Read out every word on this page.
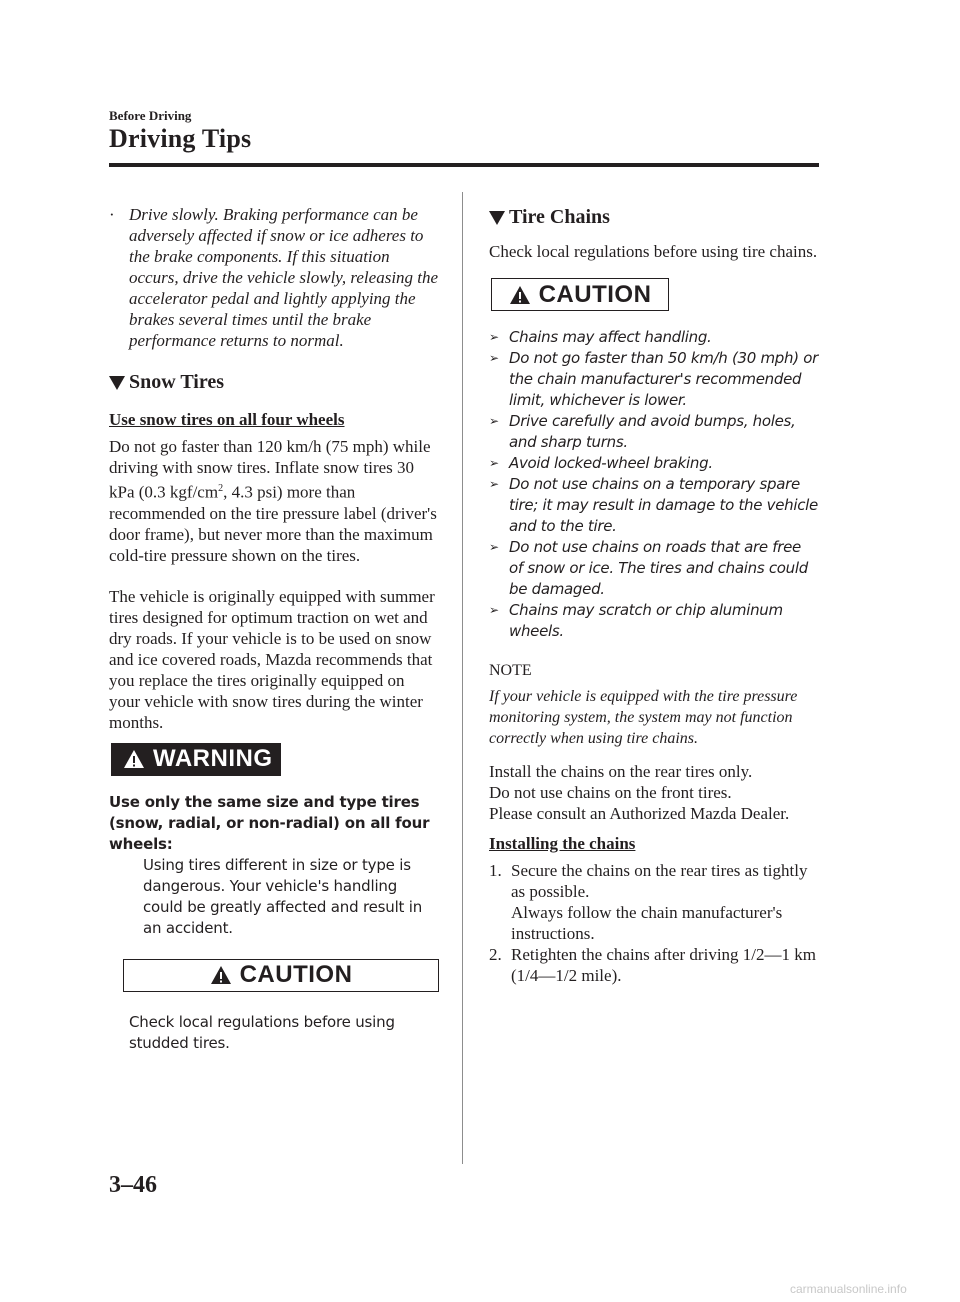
Before Driving
Driving Tips
· Drive slowly. Braking performance can be adversely affected if snow or ice adheres to the brake components. If this situation occurs, drive the vehicle slowly, releasing the accelerator pedal and lightly applying the brakes several times until the brake performance returns to normal.
Snow Tires
Use snow tires on all four wheels
Do not go faster than 120 km/h (75 mph) while driving with snow tires. Inflate snow tires 30 kPa (0.3 kgf/$cm^2$, 4.3 psi) more than recommended on the tire pressure label (driver's door frame), but never more than the maximum cold-tire pressure shown on the tires.
The vehicle is originally equipped with summer tires designed for optimum traction on wet and dry roads. If your vehicle is to be used on snow and ice covered roads, Mazda recommends that you replace the tires originally equipped on your vehicle with snow tires during the winter months.
WARNING
Use only the same size and type tires (snow, radial, or non-radial) on all four wheels:
Using tires different in size or type is dangerous. Your vehicle's handling could be greatly affected and result in an accident.
CAUTION
Check local regulations before using studded tires.
Tire Chains
Check local regulations before using tire chains.
CAUTION
➢ Chains may affect handling.
➢ Do not go faster than 50 km/h (30 mph) or the chain manufacturer's recommended limit, whichever is lower.
➢ Drive carefully and avoid bumps, holes, and sharp turns.
➢ Avoid locked-wheel braking.
➢ Do not use chains on a temporary spare tire; it may result in damage to the vehicle and to the tire.
➢ Do not use chains on roads that are free of snow or ice. The tires and chains could be damaged.
➢ Chains may scratch or chip aluminum wheels.
NOTE
If your vehicle is equipped with the tire pressure monitoring system, the system may not function correctly when using tire chains.
Install the chains on the rear tires only.
Do not use chains on the front tires.
Please consult an Authorized Mazda Dealer.
Installing the chains
1. Secure the chains on the rear tires as tightly as possible.
Always follow the chain manufacturer's instructions.
2. Retighten the chains after driving 1/2—1 km (1/4—1/2 mile).
3–46
carmanualsonline.info
